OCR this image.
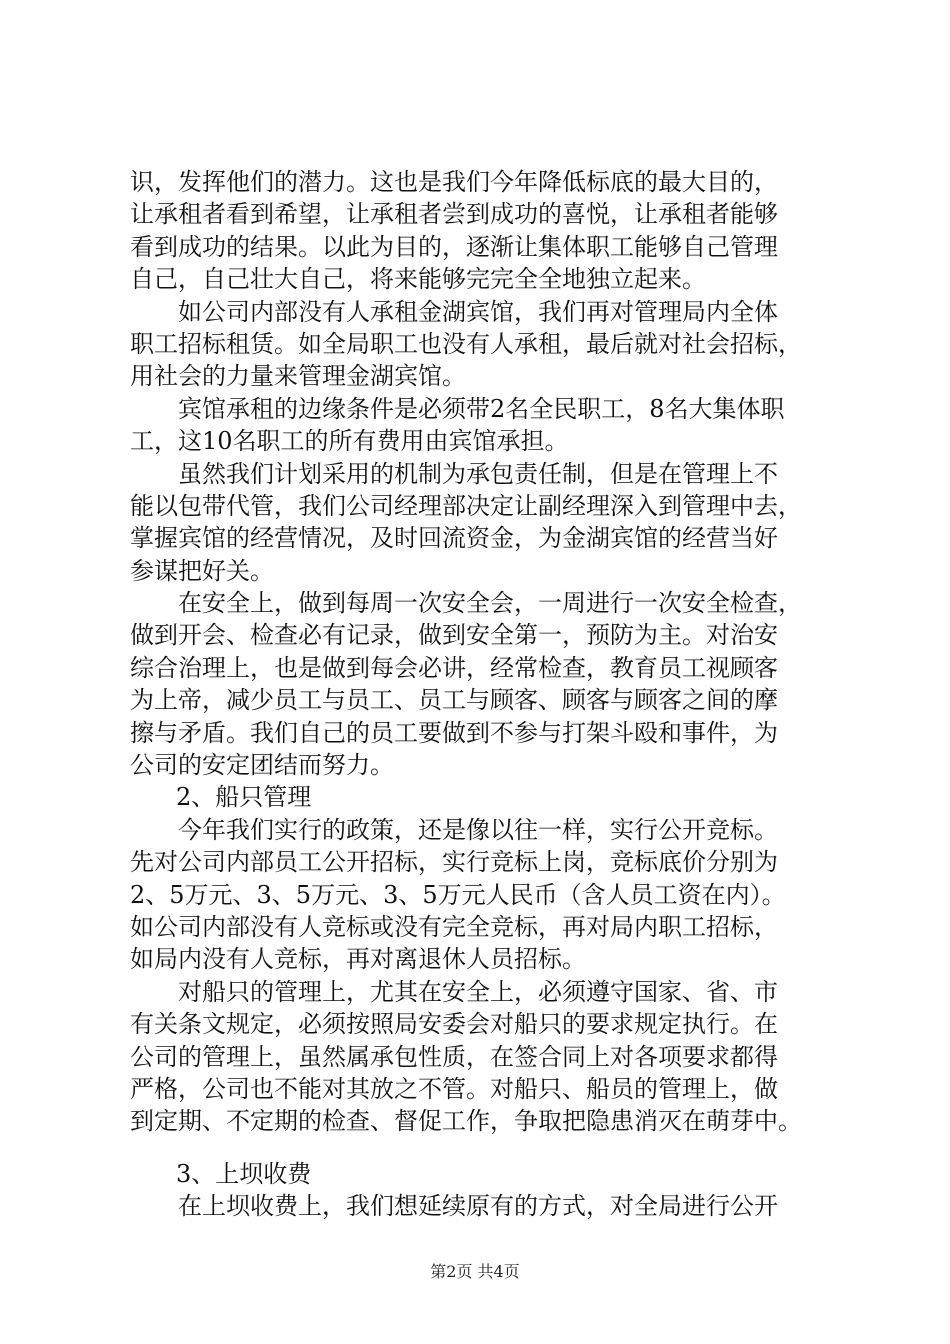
识，发挥他们的潜力。这也是我们今年降低标底的最大目的，
让承租者看到希望，让承租者尝到成功的喜悦，让承租者能够
看到成功的结果。以此为目的，逐渐让集体职工能够自己管理
自己，自己壮大自己，将来能够完完全全地独立起来。
如公司内部没有人承租金湖宾馆，我们再对管理局内全体
职工招标租赁。如全局职工也没有人承租，最后就对社会招标，
用社会的力量来管理金湖宾馆。
宾馆承租的边缘条件是必须带2名全民职工，8名大集体职
工，这10名职工的所有费用由宾馆承担。
虽然我们计划采用的机制为承包责任制，但是在管理上不
能以包带代管，我们公司经理部决定让副经理深入到管理中去，
掌握宾馆的经营情况，及时回流资金，为金湖宾馆的经营当好
参谋把好关。
在安全上，做到每周一次安全会，一周进行一次安全检查，
做到开会、检查必有记录，做到安全第一，预防为主。对治安
综合治理上，也是做到每会必讲，经常检查，教育员工视顾客
为上帝，减少员工与员工、员工与顾客、顾客与顾客之间的摩
擦与矛盾。我们自己的员工要做到不参与打架斗殴和事件，为
公司的安定团结而努力。
2、船只管理
今年我们实行的政策，还是像以往一样，实行公开竞标。
先对公司内部员工公开招标，实行竞标上岗，竞标底价分别为
2、5万元、3、5万元、3、5万元人民币（含人员工资在内）。
如公司内部没有人竞标或没有完全竞标，再对局内职工招标，
如局内没有人竞标，再对离退休人员招标。
对船只的管理上，尤其在安全上，必须遵守国家、省、市
有关条文规定，必须按照局安委会对船只的要求规定执行。在
公司的管理上，虽然属承包性质，在签合同上对各项要求都得
严格，公司也不能对其放之不管。对船只、船员的管理上，做
到定期、不定期的检查、督促工作，争取把隐患消灭在萌芽中。
3、上坝收费
在上坝收费上，我们想延续原有的方式，对全局进行公开
第2页 共4页
